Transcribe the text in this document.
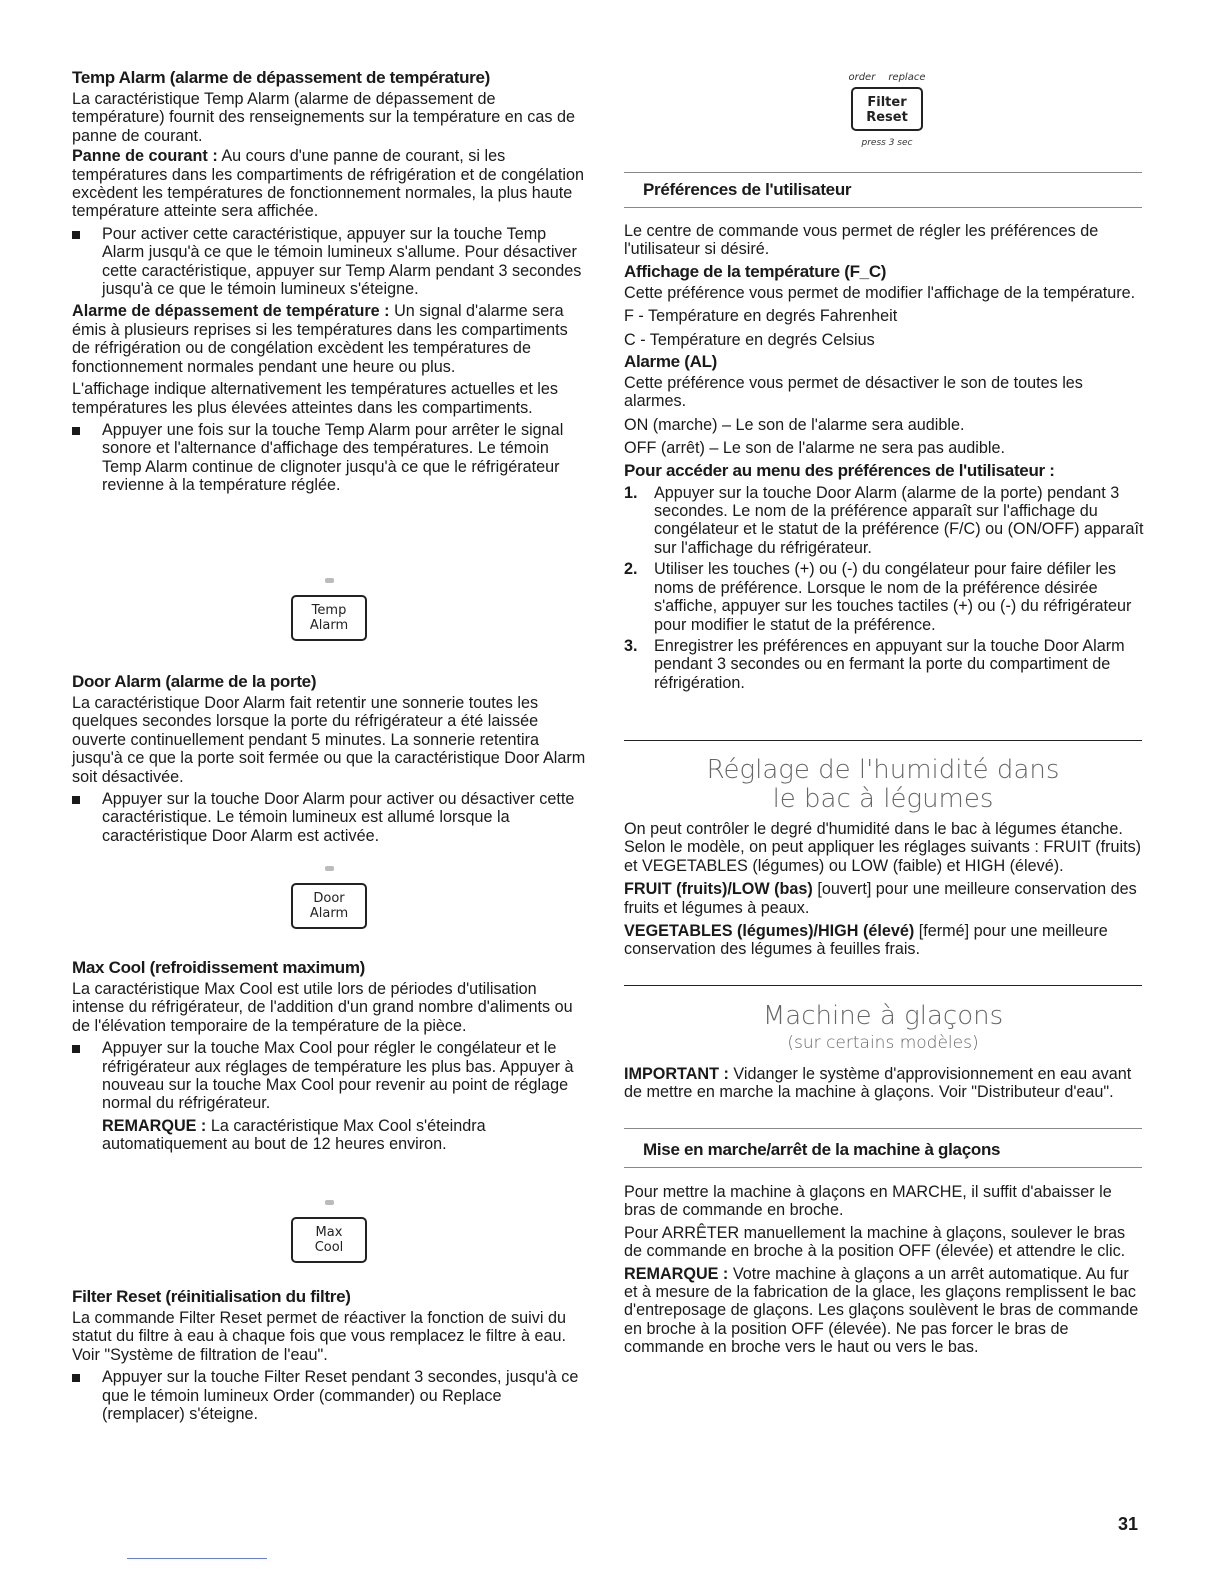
Temp Alarm (alarme de dépassement de température)

La caractéristique Temp Alarm (alarme de dépassement de température) fournit des renseignements sur la température en cas de panne de courant.

Panne de courant : Au cours d'une panne de courant, si les températures dans les compartiments de réfrigération et de congélation excèdent les températures de fonctionnement normales, la plus haute température atteinte sera affichée.

Pour activer cette caractéristique, appuyer sur la touche Temp Alarm jusqu'à ce que le témoin lumineux s'allume. Pour désactiver cette caractéristique, appuyer sur Temp Alarm pendant 3 secondes jusqu'à ce que le témoin lumineux s'éteigne.

Alarme de dépassement de température : Un signal d'alarme sera émis à plusieurs reprises si les températures dans les compartiments de réfrigération ou de congélation excèdent les températures de fonctionnement normales pendant une heure ou plus.

L'affichage indique alternativement les températures actuelles et les températures les plus élevées atteintes dans les compartiments.

Appuyer une fois sur la touche Temp Alarm pour arrêter le signal sonore et l'alternance d'affichage des températures. Le témoin Temp Alarm continue de clignoter jusqu'à ce que le réfrigérateur revienne à la température réglée.
Temp
Alarm
Door Alarm (alarme de la porte)

La caractéristique Door Alarm fait retentir une sonnerie toutes les quelques secondes lorsque la porte du réfrigérateur a été laissée ouverte continuellement pendant 5 minutes. La sonnerie retentira jusqu'à ce que la porte soit fermée ou que la caractéristique Door Alarm soit désactivée.

Appuyer sur la touche Door Alarm pour activer ou désactiver cette caractéristique. Le témoin lumineux est allumé lorsque la caractéristique Door Alarm est activée.
Door
Alarm
Max Cool (refroidissement maximum)

La caractéristique Max Cool est utile lors de périodes d'utilisation intense du réfrigérateur, de l'addition d'un grand nombre d'aliments ou de l'élévation temporaire de la température de la pièce.

Appuyer sur la touche Max Cool pour régler le congélateur et le réfrigérateur aux réglages de température les plus bas. Appuyer à nouveau sur la touche Max Cool pour revenir au point de réglage normal du réfrigérateur.

REMARQUE : La caractéristique Max Cool s'éteindra automatiquement au bout de 12 heures environ.

Max
Cool
Filter Reset (réinitialisation du filtre)

La commande Filter Reset permet de réactiver la fonction de suivi du statut du filtre à eau à chaque fois que vous remplacez le filtre à eau. Voir "Système de filtration de l'eau".

Appuyer sur la touche Filter Reset pendant 3 secondes, jusqu'à ce que le témoin lumineux Order (commander) ou Replace (remplacer) s'éteigne.
order replace
Filter
Reset
press 3 sec
Préférences de l'utilisateur

Le centre de commande vous permet de régler les préférences de l'utilisateur si désiré.

Affichage de la température (F_C)

Cette préférence vous permet de modifier l'affichage de la température.

F - Température en degrés Fahrenheit

C - Température en degrés Celsius

Alarme (AL)

Cette préférence vous permet de désactiver le son de toutes les alarmes.

ON (marche) – Le son de l'alarme sera audible.

OFF (arrêt) – Le son de l'alarme ne sera pas audible.

Pour accéder au menu des préférences de l'utilisateur :
1. Appuyer sur la touche Door Alarm (alarme de la porte) pendant 3 secondes. Le nom de la préférence apparaît sur l'affichage du congélateur et le statut de la préférence (F/C) ou (ON/OFF) apparaît sur l'affichage du réfrigérateur.
2. Utiliser les touches (+) ou (-) du congélateur pour faire défiler les noms de préférence. Lorsque le nom de la préférence désirée s'affiche, appuyer sur les touches tactiles (+) ou (-) du réfrigérateur pour modifier le statut de la préférence.
3. Enregistrer les préférences en appuyant sur la touche Door Alarm pendant 3 secondes ou en fermant la porte du compartiment de réfrigération.
Réglage de l'humidité dans
le bac à légumes

On peut contrôler le degré d'humidité dans le bac à légumes étanche. Selon le modèle, on peut appliquer les réglages suivants : FRUIT (fruits) et VEGETABLES (légumes) ou LOW (faible) et HIGH (élevé).

FRUIT (fruits)/LOW (bas) [ouvert] pour une meilleure conservation des fruits et légumes à peaux.

VEGETABLES (légumes)/HIGH (élevé) [fermé] pour une meilleure conservation des légumes à feuilles frais.

Machine à glaçons
(sur certains modèles)

IMPORTANT : Vidanger le système d'approvisionnement en eau avant de mettre en marche la machine à glaçons. Voir "Distributeur d'eau".

Mise en marche/arrêt de la machine à glaçons

Pour mettre la machine à glaçons en MARCHE, il suffit d'abaisser le bras de commande en broche.

Pour ARRÊTER manuellement la machine à glaçons, soulever le bras de commande en broche à la position OFF (élevée) et attendre le clic.

REMARQUE : Votre machine à glaçons a un arrêt automatique. Au fur et à mesure de la fabrication de la glace, les glaçons remplissent le bac d'entreposage de glaçons. Les glaçons soulèvent le bras de commande en broche à la position OFF (élevée). Ne pas forcer le bras de commande en broche vers le haut ou vers le bas.

31
